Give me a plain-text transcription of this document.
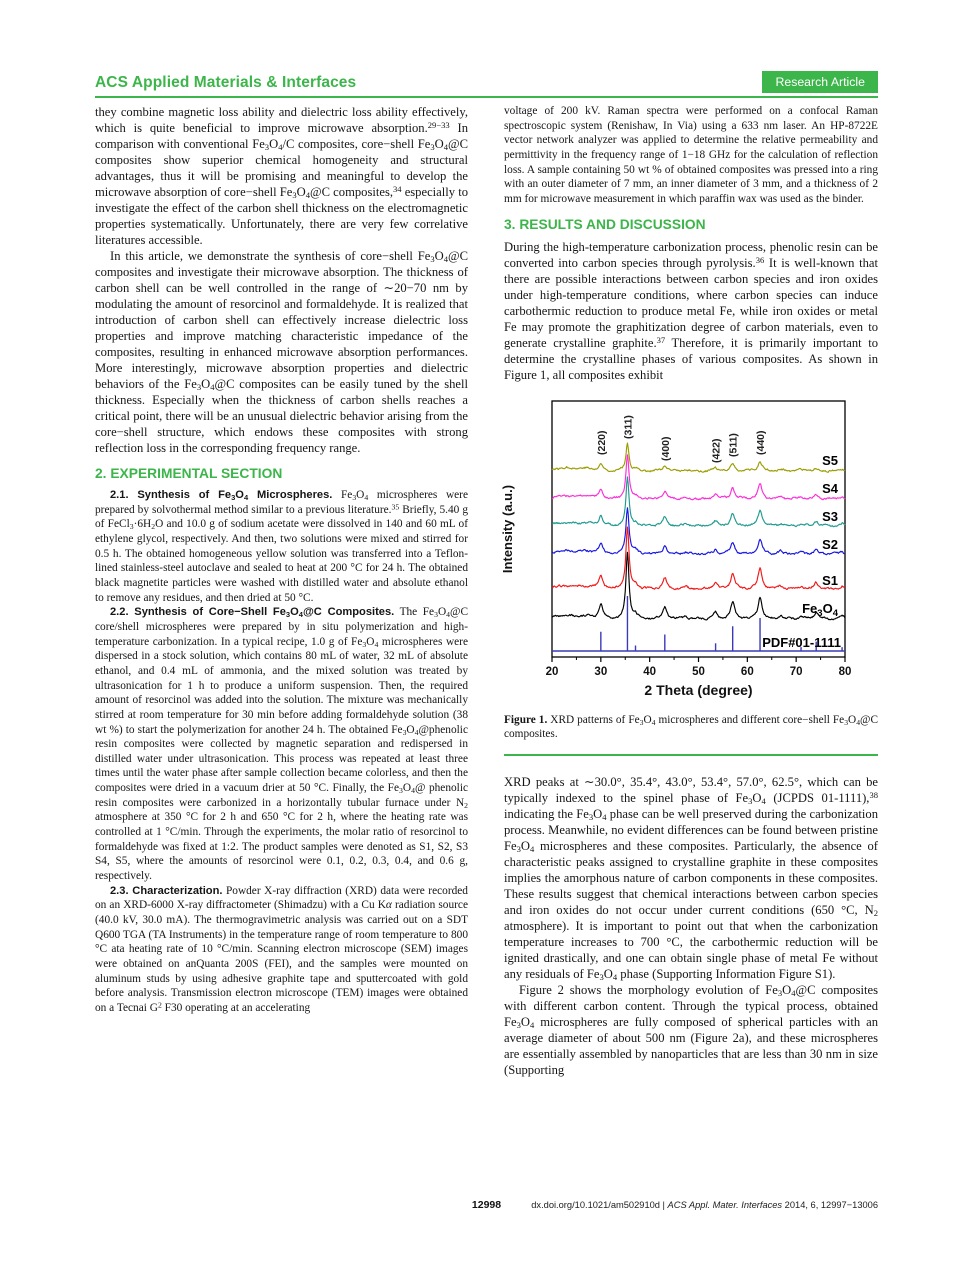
ACS Applied Materials & Interfaces	Research Article

they combine magnetic loss ability and dielectric loss ability effectively, which is quite beneficial to improve microwave absorption.$^{29-33}$ In comparison with conventional $Fe_3O_4/C$ composites, core−shell $Fe_3O_4@C$ composites show superior chemical homogeneity and structural advantages, thus it will be promising and meaningful to develop the microwave absorption of core−shell $Fe_3O_4@C$ composites,$^{34}$ especially to investigate the effect of the carbon shell thickness on the electromagnetic properties systematically. Unfortunately, there are very few correlative literatures accessible.

In this article, we demonstrate the synthesis of core−shell $Fe_3O_4@C$ composites and investigate their microwave absorption. The thickness of carbon shell can be well controlled in the range of ∼20−70 nm by modulating the amount of resorcinol and formaldehyde. It is realized that introduction of carbon shell can effectively increase dielectric loss properties and improve matching characteristic impedance of the composites, resulting in enhanced microwave absorption performances. More interestingly, microwave absorption properties and dielectric behaviors of the $Fe_3O_4@C$ composites can be easily tuned by the shell thickness. Especially when the thickness of carbon shells reaches a critical point, there will be an unusual dielectric behavior arising from the core−shell structure, which endows these composites with strong reflection loss in the corresponding frequency range.

2. EXPERIMENTAL SECTION

2.1. Synthesis of $Fe_3O_4$ Microspheres. $Fe_3O_4$ microspheres were prepared by solvothermal method similar to a previous literature.$^{35}$ Briefly, 5.40 g of $FeCl_3\cdot 6H_2O$ and 10.0 g of sodium acetate were dissolved in 140 and 60 mL of ethylene glycol, respectively. And then, two solutions were mixed and stirred for 0.5 h. The obtained homogeneous yellow solution was transferred into a Teflon-lined stainless-steel autoclave and sealed to heat at 200 °C for 24 h. The obtained black magnetite particles were washed with distilled water and absolute ethanol to remove any residues, and then dried at 50 °C.

2.2. Synthesis of Core−Shell $Fe_3O_4@C$ Composites. The $Fe_3O_4@C$ core/shell microspheres were prepared by in situ polymerization and high-temperature carbonization. In a typical recipe, 1.0 g of $Fe_3O_4$ microspheres were dispersed in a stock solution, which contains 80 mL of water, 32 mL of absolute ethanol, and 0.4 mL of ammonia, and the mixed solution was treated by ultrasonication for 1 h to produce a uniform suspension. Then, the required amount of resorcinol was added into the solution. The mixture was mechanically stirred at room temperature for 30 min before adding formaldehyde solution (38 wt %) to start the polymerization for another 24 h. The obtained $Fe_3O_4@phenolic$ resin composites were collected by magnetic separation and redispersed in distilled water under ultrasonication. This process was repeated at least three times until the water phase after sample collection became colorless, and then the composites were dried in a vacuum drier at 50 °C. Finally, the $Fe_3O_4@$ phenolic resin composites were carbonized in a horizontally tubular furnace under $N_2$ atmosphere at 350 °C for 2 h and 650 °C for 2 h, where the heating rate was controlled at 1 °C/min. Through the experiments, the molar ratio of resorcinol to formaldehyde was fixed at 1:2. The product samples were denoted as S1, S2, S3 S4, S5, where the amounts of resorcinol were 0.1, 0.2, 0.3, 0.4, and 0.6 g, respectively.

2.3. Characterization. Powder X-ray diffraction (XRD) data were recorded on an XRD-6000 X-ray diffractometer (Shimadzu) with a Cu Kα radiation source (40.0 kV, 30.0 mA). The thermogravimetric analysis was carried out on a SDT Q600 TGA (TA Instruments) in the temperature range of room temperature to 800 °C ata heating rate of 10 °C/min. Scanning electron microscope (SEM) images were obtained on anQuanta 200S (FEI), and the samples were mounted on aluminum studs by using adhesive graphite tape and sputtercoated with gold before analysis. Transmission electron microscope (TEM) images were obtained on a Tecnai $G^2$ F30 operating at an accelerating

voltage of 200 kV. Raman spectra were performed on a confocal Raman spectroscopic system (Renishaw, In Via) using a 633 nm laser. An HP-8722E vector network analyzer was applied to determine the relative permeability and permittivity in the frequency range of 1−18 GHz for the calculation of reflection loss. A sample containing 50 wt % of obtained composites was pressed into a ring with an outer diameter of 7 mm, an inner diameter of 3 mm, and a thickness of 2 mm for microwave measurement in which paraffin wax was used as the binder.

3. RESULTS AND DISCUSSION

During the high-temperature carbonization process, phenolic resin can be converted into carbon species through pyrolysis.$^{36}$ It is well-known that there are possible interactions between carbon species and iron oxides under high-temperature conditions, where carbon species can induce carbothermic reduction to produce metal Fe, while iron oxides or metal Fe may promote the graphitization degree of carbon materials, even to generate crystalline graphite.$^{37}$ Therefore, it is primarily important to determine the crystalline phases of various composites. As shown in Figure 1, all composites exhibit

20	30	40	50	60	70	80
2 Theta (degree)
Intensity (a.u.)
PDF#01-1111
(220)
(311)
(400)	(422) (511) (440)
S5
S4
S3
S2
S1
$Fe_3O_4$
Figure 1. XRD patterns of $Fe_3O_4$ microspheres and different core−shell $Fe_3O_4@C$ composites.

XRD peaks at ∼30.0°, 35.4°, 43.0°, 53.4°, 57.0°, 62.5°, which can be typically indexed to the spinel phase of $Fe_3O_4$ (JCPDS 01-1111),$^{38}$ indicating the $Fe_3O_4$ phase can be well preserved during the carbonization process. Meanwhile, no evident differences can be found between pristine $Fe_3O_4$ microspheres and these composites. Particularly, the absence of characteristic peaks assigned to crystalline graphite in these composites implies the amorphous nature of carbon components in these composites. These results suggest that chemical interactions between carbon species and iron oxides do not occur under current conditions (650 °C, $N_2$ atmosphere). It is important to point out that when the carbonization temperature increases to 700 °C, the carbothermic reduction will be ignited drastically, and one can obtain single phase of metal Fe without any residuals of $Fe_3O_4$ phase (Supporting Information Figure S1).

Figure 2 shows the morphology evolution of $Fe_3O_4@C$ composites with different carbon content. Through the typical process, obtained $Fe_3O_4$ microspheres are fully composed of spherical particles with an average diameter of about 500 nm (Figure 2a), and these microspheres are essentially assembled by nanoparticles that are less than 30 nm in size (Supporting

12998	dx.doi.org/10.1021/am502910d | ACS Appl. Mater. Interfaces 2014, 6, 12997−13006
